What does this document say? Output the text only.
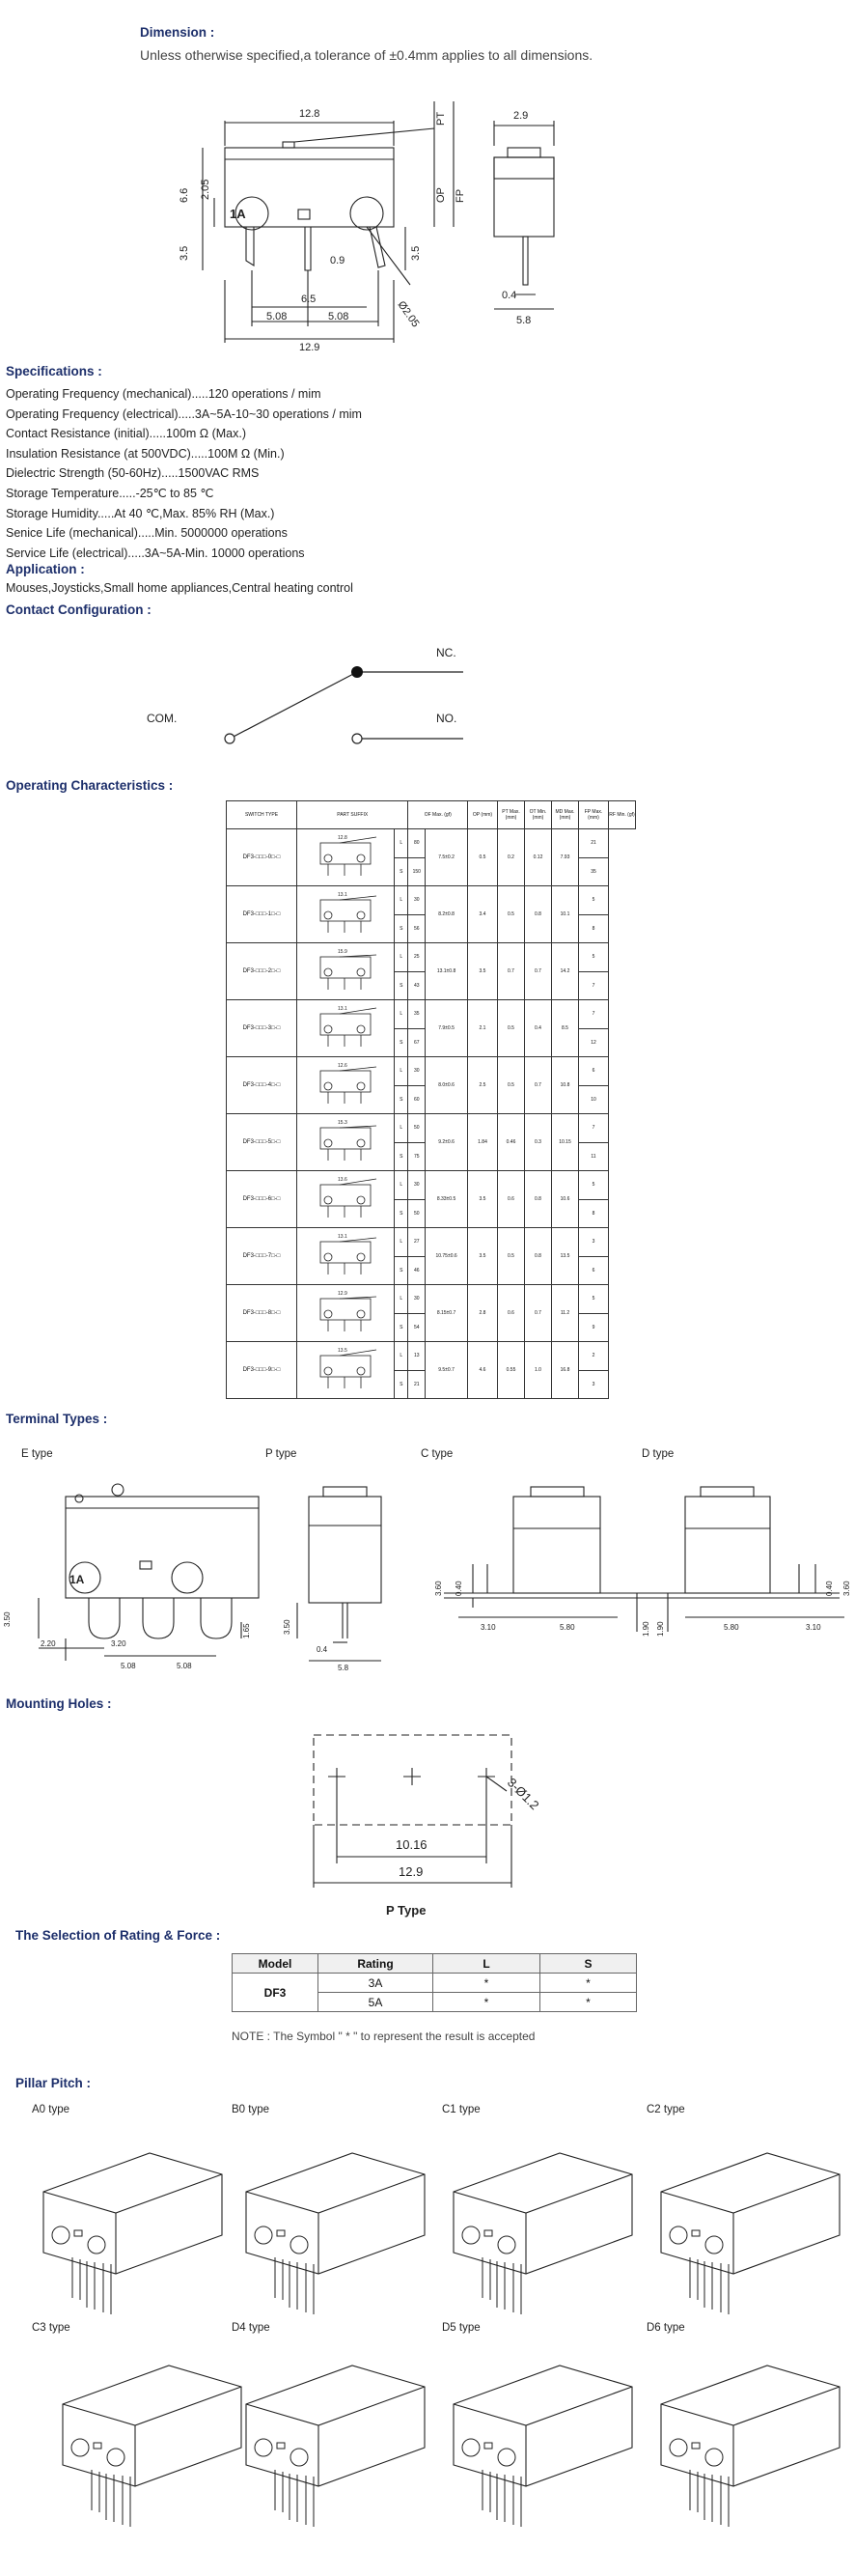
Dimension :
Unless otherwise specified,a tolerance of ±0.4mm applies to all dimensions.
12.8	PT	2.9
6.6 2.05	OP FP
3.5	0.9	3.5
6.5	Ø2.05
5.08	5.08
12.9
0.4
5.8
1A
Specifications :
Operating Frequency (mechanical).....120 operations / mim
Operating Frequency (electrical).....3A~5A-10~30 operations / mim
Contact Resistance (initial).....100m Ω (Max.)
Insulation Resistance (at 500VDC).....100M Ω (Min.)
Dielectric Strength (50-60Hz).....1500VAC RMS
Storage Temperature.....-25℃ to 85 ℃
Storage Humidity.....At 40 ℃,Max. 85% RH (Max.)
Senice Life (mechanical).....Min. 5000000 operations
Service Life (electrical).....3A~5A-Min. 10000 operations
Application :
Mouses,Joysticks,Small home appliances,Central heating control
Contact Configuration :
NC.
NO.
COM.
Operating Characteristics :
SWITCH TYPE	PART SUFFIX		OF Max. (gf)		OP (mm)	PT Max. (mm)	OT Min. (mm)	MD Max. (mm)	FP Max. (mm)	RF Min. (gf)
DF3-□□□-0□-□	12.8	L	80	7.5±0.2	0.5	0.2	0.12	7.93	21	
		S	150						35	
DF3-□□□-1□-□	13.1	L	30	8.2±0.8	3.4	0.5	0.8	10.1	5	
		S	56						8	
DF3-□□□-2□-□	15.9	L	25	13.1±0.8	3.5	0.7	0.7	14.2	5	
		S	43						7	
DF3-□□□-3□-□	13.1	L	35	7.9±0.5	2.1	0.5	0.4	8.5	7	
		S	67						12	
DF3-□□□-4□-□	12.6	L	30	8.0±0.6	2.5	0.5	0.7	10.8	6	
		S	60						10	
DF3-□□□-5□-□	15.3	L	50	9.2±0.6	1.84	0.46	0.3	10.15	7	
		S	75						11	
DF3-□□□-6□-□	13.6	L	30	8.33±0.5	3.5	0.6	0.8	10.6	5	
		S	50						8	
DF3-□□□-7□-□	13.1	L	27	10.75±0.6	3.5	0.5	0.8	13.5	3	
		S	46						6	
DF3-□□□-8□-□	12.9	L	30	8.15±0.7	2.8	0.6	0.7	11.2	5	
		S	54						9	
DF3-□□□-9□-□	13.5	L	13	9.5±0.7	4.6	0.55	1.0	16.8	2	
		S	21						3	
Terminal Types :
E type	P type	C type	D type
3.50
2.20	3.20
5.08	5.08
1.65
1A
3.50
0.4
5.8
3.60 0.40
3.10	5.80	1.90 1.90	5.80	3.10
0.40 3.60
Mounting Holes :
10.16
12.9
3-Ø1.2
P Type
The Selection of Rating & Force :
Model	Rating	L	S
DF3	3A	*	*
	5A	*	*
NOTE : The Symbol " * " to represent the result is accepted
Pillar Pitch :
A0 type	B0 type	C1 type	C2 type
C3 type	D4 type	D5 type	D6 type
